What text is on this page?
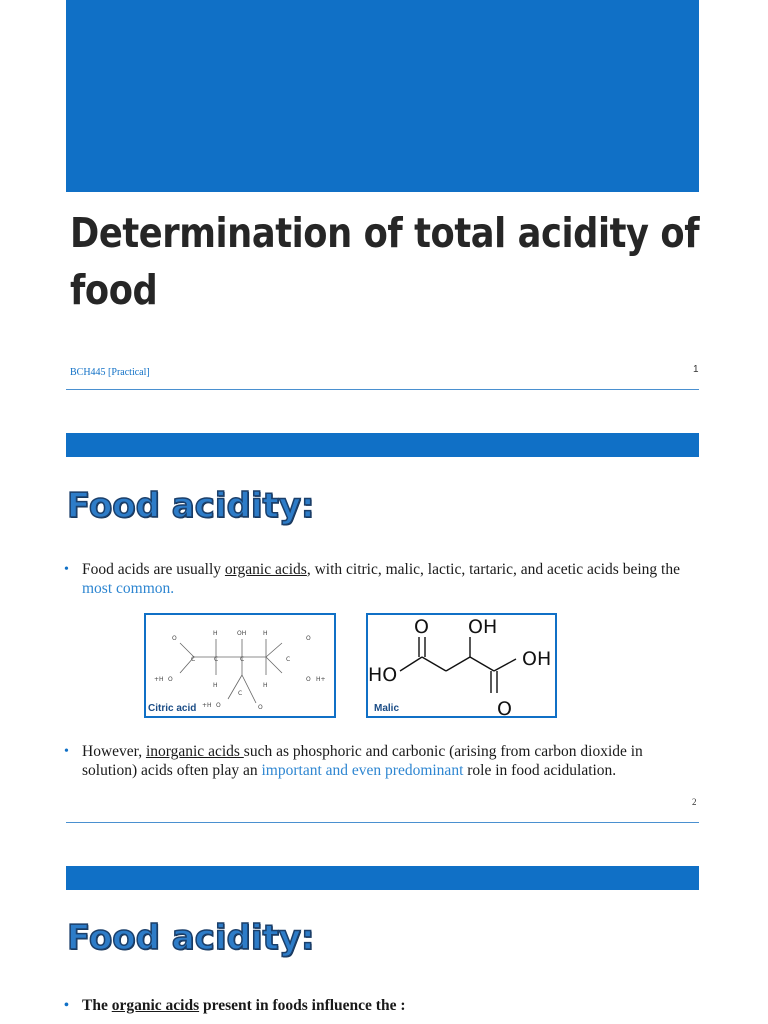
Determination of total acidity of
food
BCH445 [Practical]	1
Food acidity:
• Food acids are usually organic acids, with citric, malic, lactic, tartaric, and acetic acids being the most common.
H	OH	H
O	O
C	C	C	C
H	H
+H O	O H+
+H O
C
O
Citric acid
O OH
OH
HO
O
Malic
• However, inorganic acids such as phosphoric and carbonic (arising from carbon dioxide in solution) acids often play an important and even predominant role in food acidulation.
2
Food acidity:
• The organic acids present in foods influence the :
